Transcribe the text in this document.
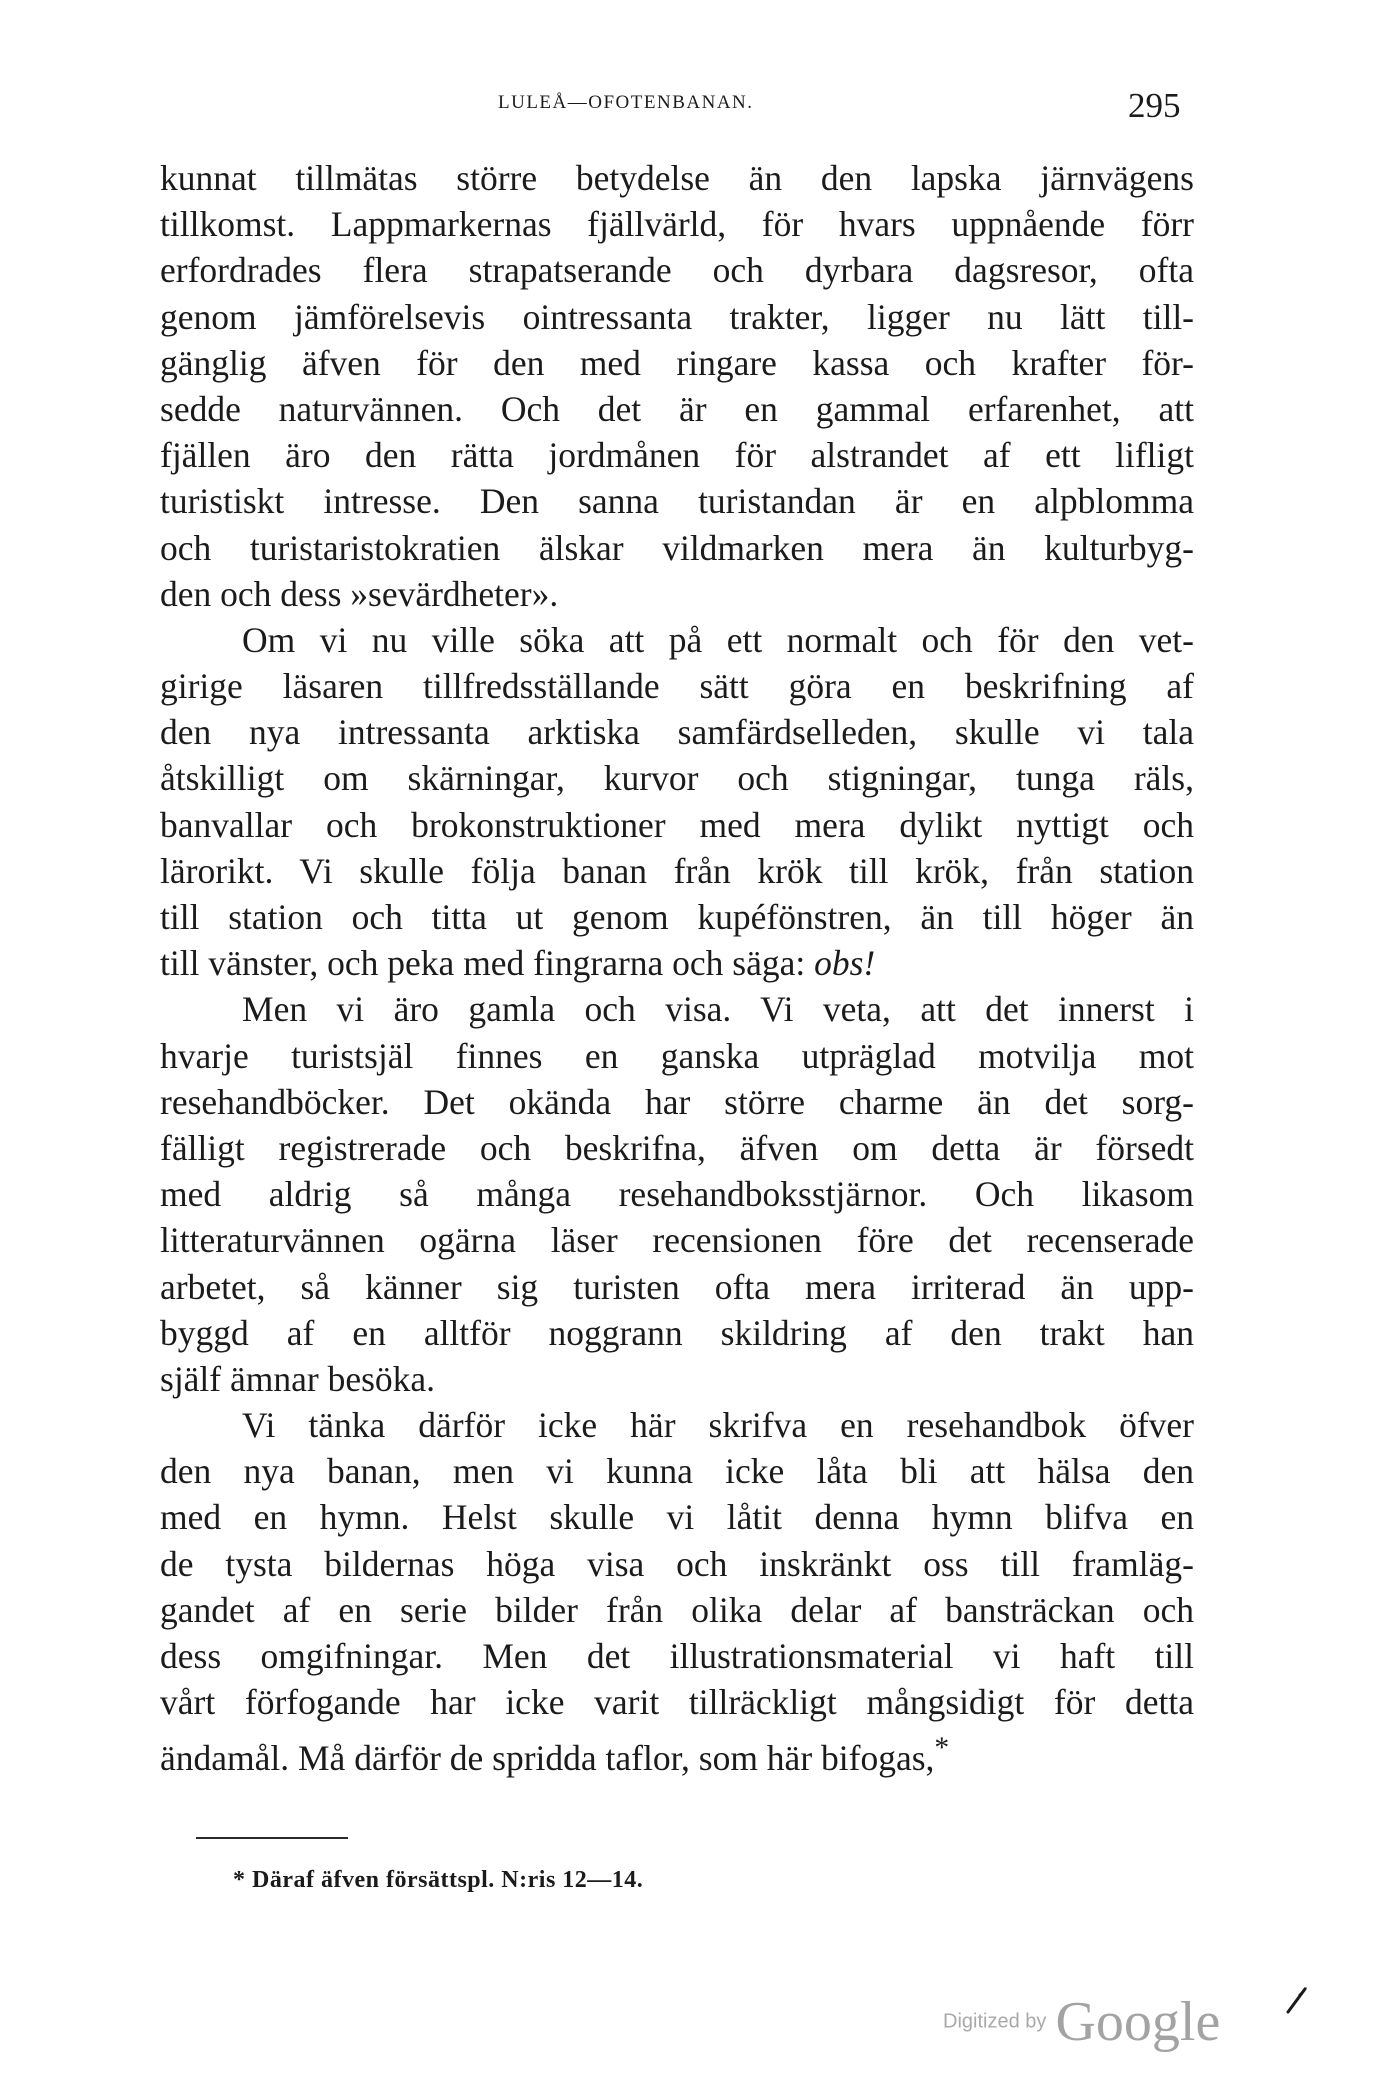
LULEÅ—OFOTENBANAN.	295
kunnat tillmätas större betydelse än den lapska järnvägens
tillkomst. Lappmarkernas fjällvärld, för hvars uppnående förr
erfordrades flera strapatserande och dyrbara dagsresor, ofta
genom jämförelsevis ointressanta trakter, ligger nu lätt till-
gänglig äfven för den med ringare kassa och krafter för-
sedde naturvännen. Och det är en gammal erfarenhet, att
fjällen äro den rätta jordmånen för alstrandet af ett lifligt
turistiskt intresse. Den sanna turistandan är en alpblomma
och turistaristokratien älskar vildmarken mera än kulturbyg-
den och dess »sevärdheter».
Om vi nu ville söka att på ett normalt och för den vet-
girige läsaren tillfredsställande sätt göra en beskrifning af
den nya intressanta arktiska samfärdselleden, skulle vi tala
åtskilligt om skärningar, kurvor och stigningar, tunga räls,
banvallar och brokonstruktioner med mera dylikt nyttigt och
lärorikt. Vi skulle följa banan från krök till krök, från station
till station och titta ut genom kupéfönstren, än till höger än
till vänster, och peka med fingrarna och säga: obs!
Men vi äro gamla och visa. Vi veta, att det innerst i
hvarje turistsjäl finnes en ganska utpräglad motvilja mot
resehandböcker. Det okända har större charme än det sorg-
fälligt registrerade och beskrifna, äfven om detta är försedt
med aldrig så många resehandboksstjärnor. Och likasom
litteraturvännen ogärna läser recensionen före det recenserade
arbetet, så känner sig turisten ofta mera irriterad än upp-
byggd af en alltför noggrann skildring af den trakt han
själf ämnar besöka.
Vi tänka därför icke här skrifva en resehandbok öfver
den nya banan, men vi kunna icke låta bli att hälsa den
med en hymn. Helst skulle vi låtit denna hymn blifva en
de tysta bildernas höga visa och inskränkt oss till framläg-
gandet af en serie bilder från olika delar af bansträckan och
dess omgifningar. Men det illustrationsmaterial vi haft till
vårt förfogande har icke varit tillräckligt mångsidigt för detta
ändamål. Må därför de spridda taflor, som här bifogas,*
* Däraf äfven försättspl. N:ris 12—14.
Digitized by Google
